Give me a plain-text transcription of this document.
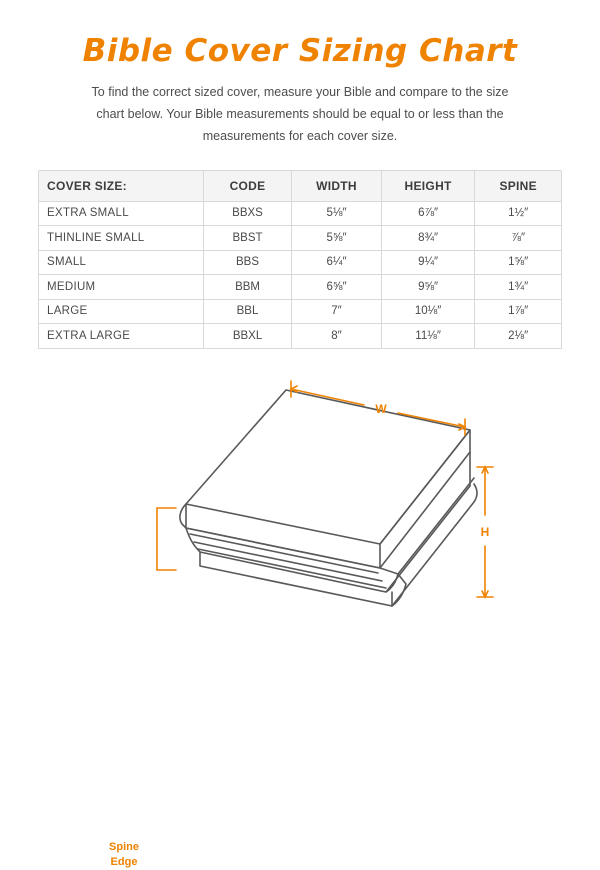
Bible Cover Sizing Chart

To find the correct sized cover, measure your Bible and compare to the size chart below. Your Bible measurements should be equal to or less than the measurements for each cover size.

COVER SIZE:	CODE	WIDTH	HEIGHT	SPINE
EXTRA SMALL	BBXS	5⅛″	6⅞″	1½″
THINLINE SMALL	BBST	5⅝″	8¾″	⅞″
SMALL	BBS	6¼″	9¼″	1⅝″
MEDIUM	BBM	6⅝″	9⅝″	1¾″
LARGE	BBL	7″	10⅛″	1⅞″
EXTRA LARGE	BBXL	8″	11⅛″	2⅛″
W
H
Spine
Edge
